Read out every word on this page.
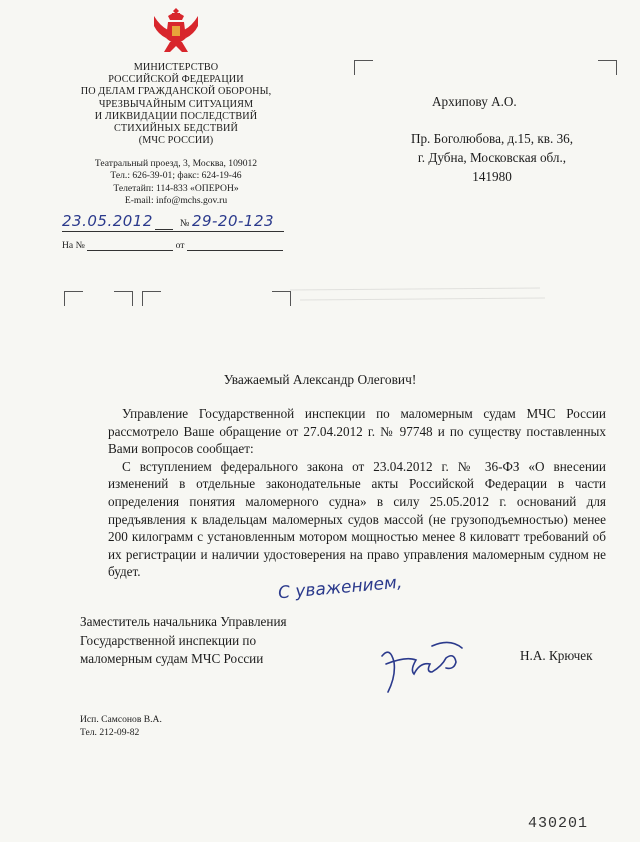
МИНИСТЕРСТВО
РОССИЙСКОЙ ФЕДЕРАЦИИ
ПО ДЕЛАМ ГРАЖДАНСКОЙ ОБОРОНЫ,
ЧРЕЗВЫЧАЙНЫМ СИТУАЦИЯМ
И ЛИКВИДАЦИИ ПОСЛЕДСТВИЙ
СТИХИЙНЫХ БЕДСТВИЙ
(МЧС РОССИИ)
Театральный проезд, 3, Москва, 109012
Тел.: 626-39-01; факс: 624-19-46
Телетайп: 114-833 «ОПЕРОН»
E-mail: info@mchs.gov.ru
23.05.2012	№ 29-20-123
На №	от
Архипову А.О.
Пр. Боголюбова, д.15, кв. 36,
г. Дубна, Московская обл.,
141980
Уважаемый Александр Олегович!

Управление Государственной инспекции по маломерным судам МЧС России рассмотрело Ваше обращение от 27.04.2012 г. № 97748 и по существу поставленных Вами вопросов сообщает:

С вступлением федерального закона от 23.04.2012 г. № 36-ФЗ «О внесении изменений в отдельные законодательные акты Российской Федерации в части определения понятия маломерного судна» в силу 25.05.2012 г. оснований для предъявления к владельцам маломерных судов массой (не грузоподъемностью) менее 200 килограмм с установленным мотором мощностью менее 8 киловатт требований об их регистрации и наличии удостоверения на право управления маломерным судном не будет.

С уважением,
Заместитель начальника Управления
Государственной инспекции по
маломерным судам МЧС России	Н.А. Крючек
Исп. Самсонов В.А.
Тел. 212-09-82
430201
